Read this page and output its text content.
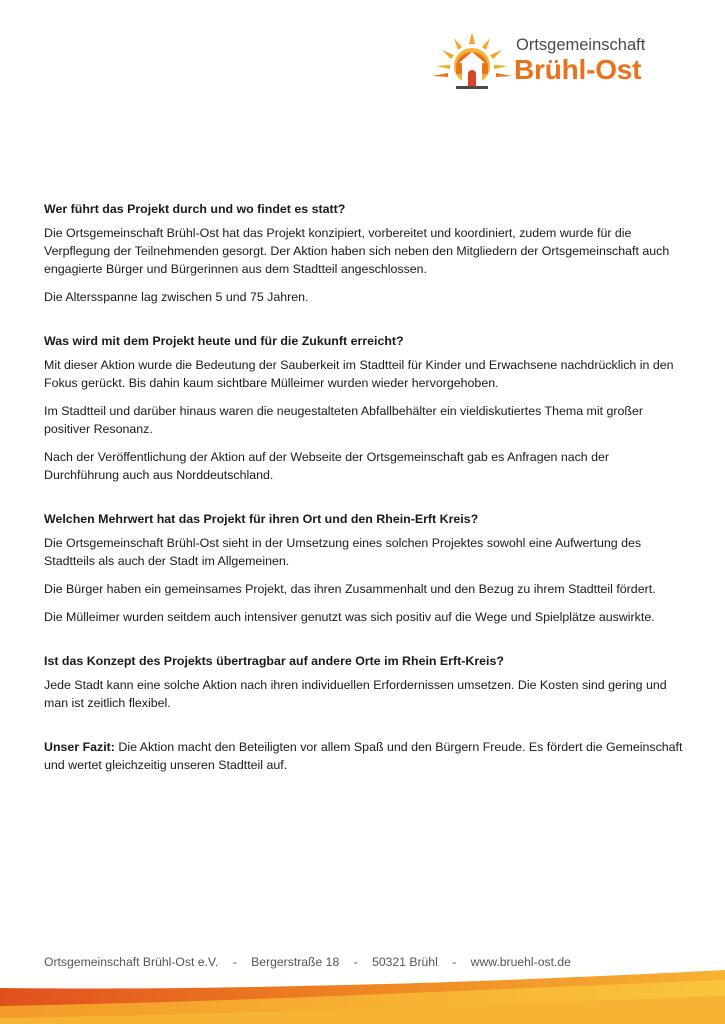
Ortsgemeinschaft
Brühl-Ost
Wer führt das Projekt durch und wo findet es statt?

Die Ortsgemeinschaft Brühl-Ost hat das Projekt konzipiert, vorbereitet und koordiniert, zudem wurde für die Verpflegung der Teilnehmenden gesorgt. Der Aktion haben sich neben den Mitgliedern der Ortsgemeinschaft auch engagierte Bürger und Bürgerinnen aus dem Stadtteil angeschlossen.

Die Altersspanne lag zwischen 5 und 75 Jahren.

Was wird mit dem Projekt heute und für die Zukunft erreicht?

Mit dieser Aktion wurde die Bedeutung der Sauberkeit im Stadtteil für Kinder und Erwachsene nachdrücklich in den Fokus gerückt. Bis dahin kaum sichtbare Mülleimer wurden wieder hervorgehoben.

Im Stadtteil und darüber hinaus waren die neugestalteten Abfallbehälter ein vieldiskutiertes Thema mit großer positiver Resonanz.

Nach der Veröffentlichung der Aktion auf der Webseite der Ortsgemeinschaft gab es Anfragen nach der Durchführung auch aus Norddeutschland.

Welchen Mehrwert hat das Projekt für ihren Ort und den Rhein-Erft Kreis?

Die Ortsgemeinschaft Brühl-Ost sieht in der Umsetzung eines solchen Projektes sowohl eine Aufwertung des Stadtteils als auch der Stadt im Allgemeinen.

Die Bürger haben ein gemeinsames Projekt, das ihren Zusammenhalt und den Bezug zu ihrem Stadtteil fördert.

Die Mülleimer wurden seitdem auch intensiver genutzt was sich positiv auf die Wege und Spielplätze auswirkte.

Ist das Konzept des Projekts übertragbar auf andere Orte im Rhein Erft-Kreis?

Jede Stadt kann eine solche Aktion nach ihren individuellen Erfordernissen umsetzen. Die Kosten sind gering und man ist zeitlich flexibel.

Unser Fazit: Die Aktion macht den Beteiligten vor allem Spaß und den Bürgern Freude. Es fördert die Gemeinschaft und wertet gleichzeitig unseren Stadtteil auf.

Ortsgemeinschaft Brühl-Ost e.V. - Bergerstraße 18 - 50321 Brühl - www.bruehl-ost.de
